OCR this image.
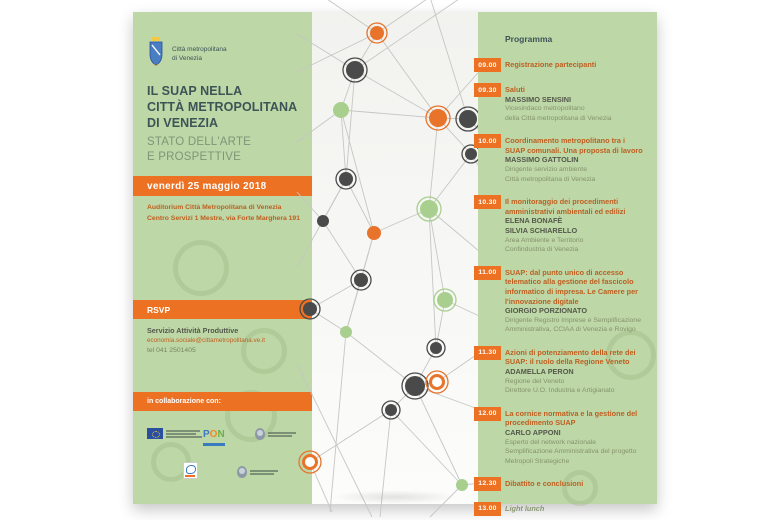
Città metropolitana
di Venezia
IL SUAP NELLA
CITTÀ METROPOLITANA
DI VENEZIA
STATO DELL'ARTE
E PROSPETTIVE
venerdì 25 maggio 2018
Auditorium Città Metropolitana di Venezia
Centro Servizi 1 Mestre, via Forte Marghera 191
RSVP
Servizio Attività Produttive
economia.sociale@cittametropolitana.ve.it
tel 041 2501405
in collaborazione con:
PON
Programma
09.00	Registrazione partecipanti
09.30	Saluti
MASSIMO SENSINI
Vicesindaco metropolitano
della Città metropolitana di Venezia
10.00	Coordinamento metropolitano tra i SUAP comunali. Una proposta di lavoro
MASSIMO GATTOLIN
Dirigente servizio ambiente
Città metropolitana di Venezia
10.30	Il monitoraggio dei procedimenti amministrativi ambientali ed edilizi
ELENA BONAFÈ
SILVIA SCHIARELLO
Area Ambiente e Territorio
Confindustria di Venezia
11.00	SUAP: dal punto unico di accesso telematico alla gestione del fascicolo informatico di impresa. Le Camere per l'innovazione digitale
GIORGIO PORZIONATO
Dirigente Registro Imprese e Semplificazione
Amministrativa, CCIAA di Venezia e Rovigo
11.30	Azioni di potenziamento della rete dei SUAP: il ruolo della Regione Veneto
ADAMELLA PERON
Regione del Veneto
Direttore U.O. Industria e Artigianato
12.00	La cornice normativa e la gestione del procedimento SUAP
CARLO APPONI
Esperto del network nazionale
Semplificazione Amministrativa del progetto
Metropoli Strategiche
12.30	Dibattito e conclusioni
13.00	Light lunch
